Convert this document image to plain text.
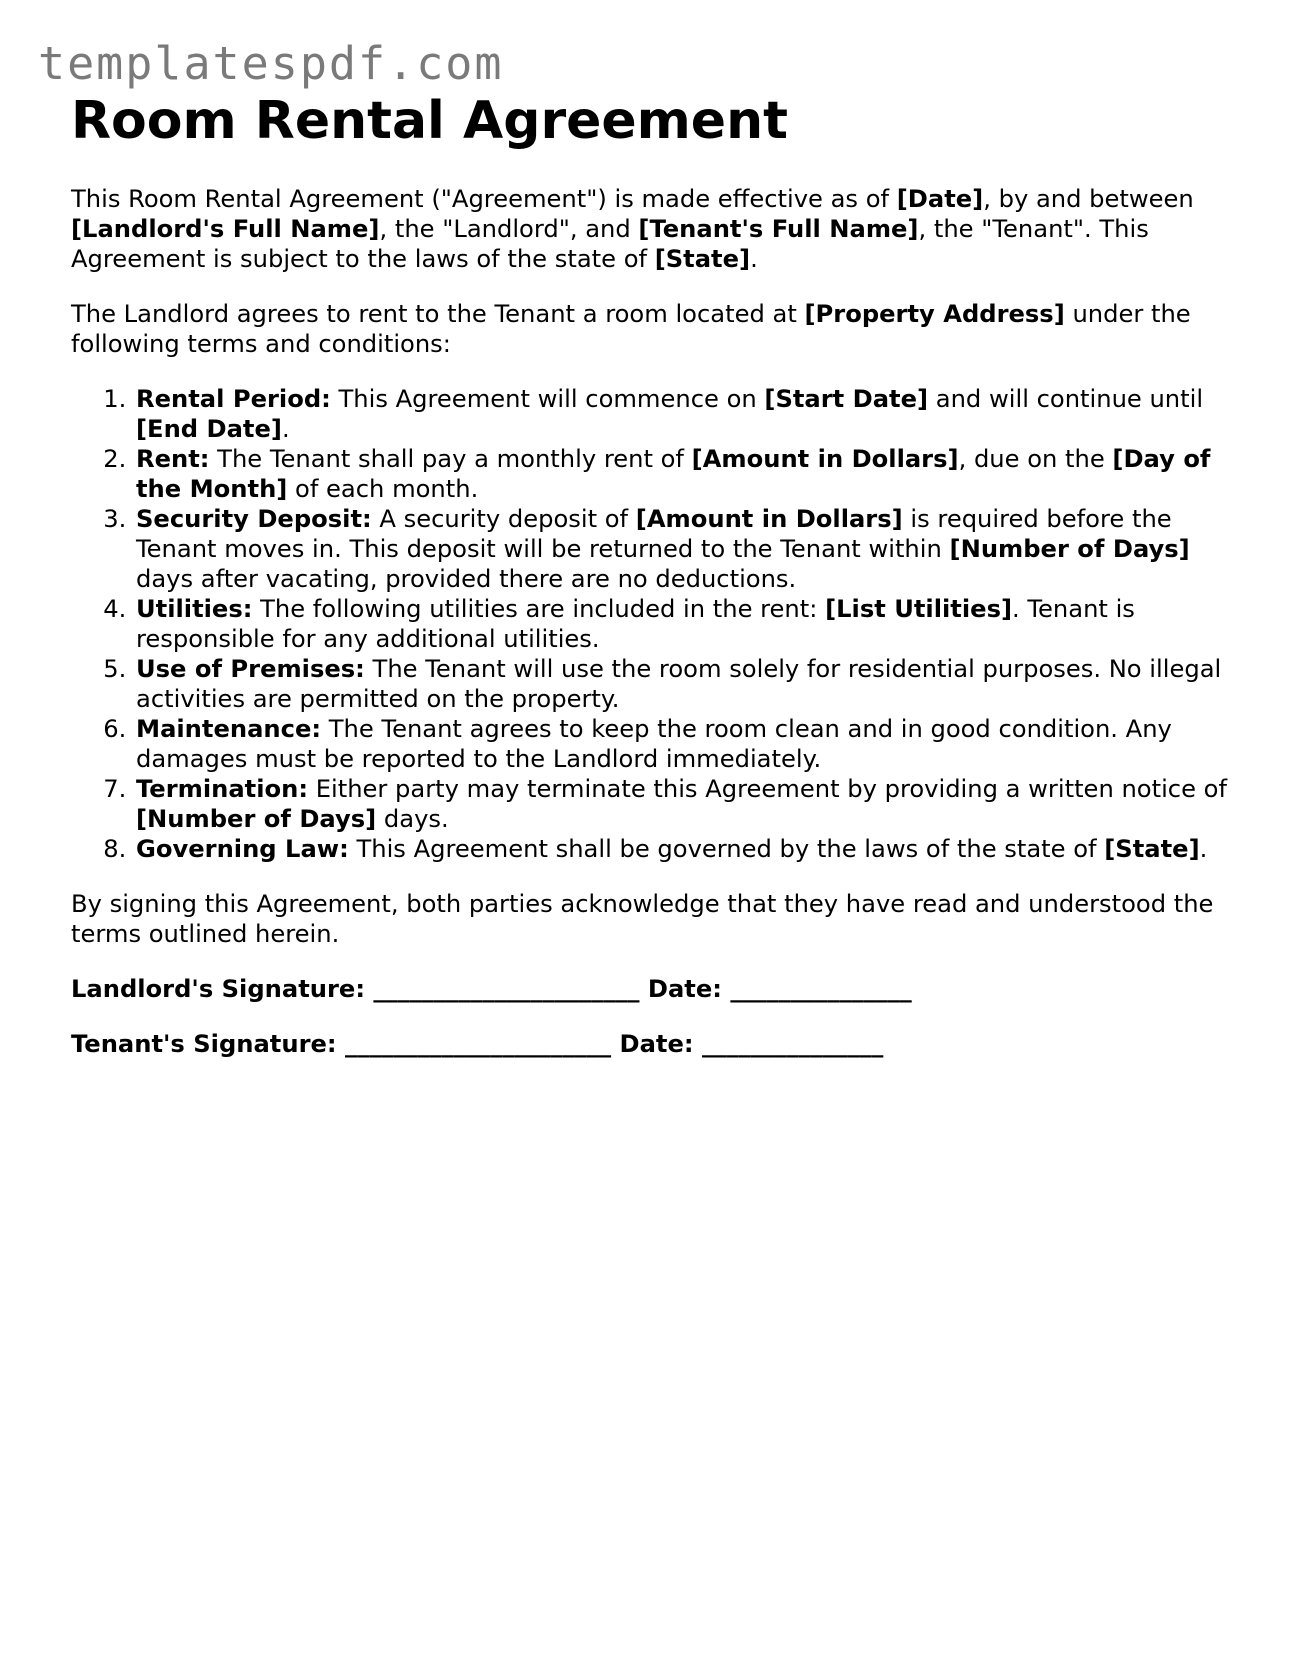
templatespdf.com
Room Rental Agreement

This Room Rental Agreement ("Agreement") is made effective as of [Date], by and between [Landlord's Full Name], the "Landlord", and [Tenant's Full Name], the "Tenant". This Agreement is subject to the laws of the state of [State].

The Landlord agrees to rent to the Tenant a room located at [Property Address] under the following terms and conditions:

1. Rental Period: This Agreement will commence on [Start Date] and will continue until [End Date].
2. Rent: The Tenant shall pay a monthly rent of [Amount in Dollars], due on the [Day of the Month] of each month.
3. Security Deposit: A security deposit of [Amount in Dollars] is required before the Tenant moves in. This deposit will be returned to the Tenant within [Number of Days] days after vacating, provided there are no deductions.
4. Utilities: The following utilities are included in the rent: [List Utilities]. Tenant is responsible for any additional utilities.
5. Use of Premises: The Tenant will use the room solely for residential purposes. No illegal activities are permitted on the property.
6. Maintenance: The Tenant agrees to keep the room clean and in good condition. Any damages must be reported to the Landlord immediately.
7. Termination: Either party may terminate this Agreement by providing a written notice of [Number of Days] days.
8. Governing Law: This Agreement shall be governed by the laws of the state of [State].

By signing this Agreement, both parties acknowledge that they have read and understood the terms outlined herein.

Landlord's Signature: ______________________ Date: _______________

Tenant's Signature: ______________________ Date: _______________
